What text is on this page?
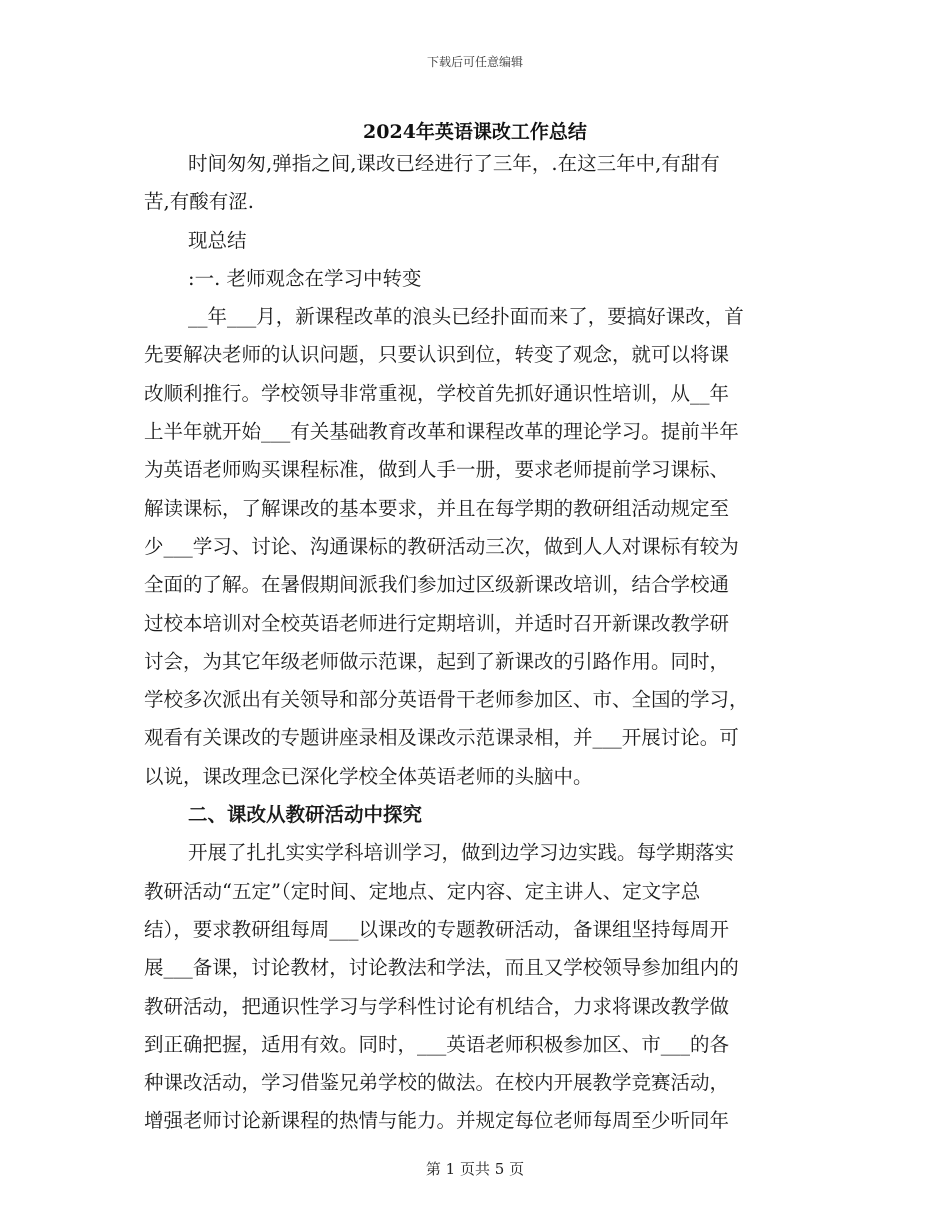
下载后可任意编辑
2024年英语课改工作总结
时间匆匆,弹指之间,课改已经进行了三年，.在这三年中,有甜有
苦,有酸有涩.
现总结
:一. 老师观念在学习中转变
__年___月，新课程改革的浪头已经扑面而来了，要搞好课改，首
先要解决老师的认识问题，只要认识到位，转变了观念，就可以将课
改顺利推行。学校领导非常重视，学校首先抓好通识性培训，从__年
上半年就开始___有关基础教育改革和课程改革的理论学习。提前半年
为英语老师购买课程标准，做到人手一册，要求老师提前学习课标、
解读课标，了解课改的基本要求，并且在每学期的教研组活动规定至
少___学习、讨论、沟通课标的教研活动三次，做到人人对课标有较为
全面的了解。在暑假期间派我们参加过区级新课改培训，结合学校通
过校本培训对全校英语老师进行定期培训，并适时召开新课改教学研
讨会，为其它年级老师做示范课，起到了新课改的引路作用。同时，
学校多次派出有关领导和部分英语骨干老师参加区、市、全国的学习，
观看有关课改的专题讲座录相及课改示范课录相，并___开展讨论。可
以说，课改理念已深化学校全体英语老师的头脑中。
二、课改从教研活动中探究
开展了扎扎实实学科培训学习，做到边学习边实践。每学期落实
教研活动“五定”（定时间、定地点、定内容、定主讲人、定文字总
结），要求教研组每周___以课改的专题教研活动，备课组坚持每周开
展___备课，讨论教材，讨论教法和学法，而且又学校领导参加组内的
教研活动，把通识性学习与学科性讨论有机结合，力求将课改教学做
到正确把握，适用有效。同时，___英语老师积极参加区、市___的各
种课改活动，学习借鉴兄弟学校的做法。在校内开展教学竞赛活动，
增强老师讨论新课程的热情与能力。并规定每位老师每周至少听同年
第 1 页共 5 页
